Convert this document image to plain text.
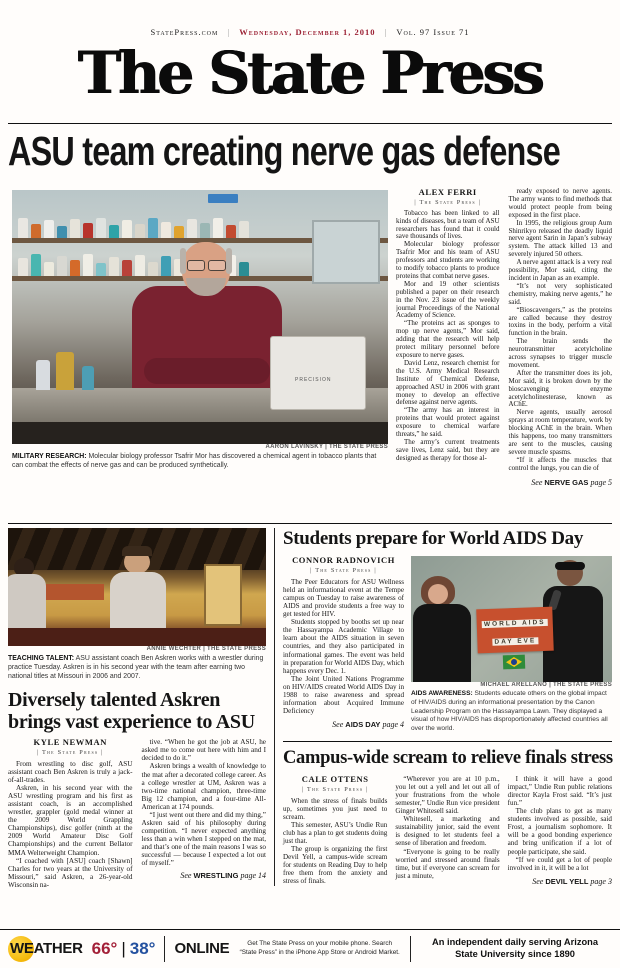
StatePress.com | Wednesday, December 1, 2010 | Vol. 97 Issue 71
The State Press
ASU team creating nerve gas defense
PRECISION
AARON LAVINSKY | THE STATE PRESS
MILITARY RESEARCH: Molecular biology professor Tsafrir Mor has discovered a chemical agent in tobacco plants that can combat the effects of nerve gas and can be produced synthetically.
ALEX FERRI
| The State Press |

Tobacco has been linked to all kinds of diseases, but a team of ASU researchers has found that it could save thousands of lives.

Molecular biology professor Tsafrir Mor and his team of ASU professors and students are working to modify tobacco plants to produce proteins that combat nerve gases.

Mor and 19 other scientists published a paper on their research in the Nov. 23 issue of the weekly journal Proceedings of the National Academy of Science.

“The proteins act as sponges to mop up nerve agents,” Mor said, adding that the research will help protect military personnel before exposure to nerve gases.

David Lenz, research chemist for the U.S. Army Medical Research Institute of Chemical Defense, approached ASU in 2006 with grant money to develop an effective defense against nerve agents.

“The army has an interest in proteins that would protect against exposure to chemical warfare threats,” he said.

The army’s current treatments save lives, Lenz said, but they are designed as therapy for those al-

ready exposed to nerve agents. The army wants to find methods that would protect people from being exposed in the first place.

In 1995, the religious group Aum Shinrikyo released the deadly liquid nerve agent Sarin in Japan’s subway system. The attack killed 13 and severely injured 50 others.

A nerve agent attack is a very real possibility, Mor said, citing the incident in Japan as an example.

“It’s not very sophisticated chemistry, making nerve agents,” he said.

“Bioscavengers,” as the proteins are called because they destroy toxins in the body, perform a vital function in the brain.

The brain sends the neurotransmitter acetylcholine across synapses to trigger muscle movement.

After the transmitter does its job, Mor said, it is broken down by the bioscavenging enzyme acetylcholinesterase, known as AChE.

Nerve agents, usually aerosol sprays at room temperature, work by blocking AChE in the brain. When this happens, too many transmitters are sent to the muscles, causing severe muscle spasms.

“If it affects the muscles that control the lungs, you can die of

See NERVE GAS page 5
ANNIE WECHTER | THE STATE PRESS
TEACHING TALENT: ASU assistant coach Ben Askren works with a wrestler during practice Tuesday. Askren is in his second year with the team after earning two national titles at Missouri in 2006 and 2007.
Diversely talented Askren brings vast experience to ASU
KYLE NEWMAN
| The State Press |

From wrestling to disc golf, ASU assistant coach Ben Askren is truly a jack-of-all-trades.

Askren, in his second year with the ASU wrestling program and his first as assistant coach, is an accomplished wrestler, grappler (gold medal winner at the 2009 World Grappling Championships), disc golfer (ninth at the 2009 World Amateur Disc Golf Championships) and the current Bellator MMA Welterweight Champion.

“I coached with [ASU] coach [Shawn] Charles for two years at the University of Missouri,” said Askren, a 26-year-old Wisconsin na-

tive. “When he got the job at ASU, he asked me to come out here with him and I decided to do it.”

Askren brings a wealth of knowledge to the mat after a decorated college career. As a college wrestler at UM, Askren was a two-time national champion, three-time Big 12 champion, and a four-time All-American at 174 pounds.

“I just went out there and did my thing,” Askren said of his philosophy during competition. “I never expected anything less than a win when I stepped on the mat, and that’s one of the main reasons I was so successful — because I expected a lot out of myself.”

See WRESTLING page 14
Students prepare for World AIDS Day
CONNOR RADNOVICH
| The State Press |

The Peer Educators for ASU Wellness held an informational event at the Tempe campus on Tuesday to raise awareness of AIDS and provide students a free way to get tested for HIV.

Students stopped by booths set up near the Hassayampa Academic Village to learn about the AIDS situation in seven countries, and they also participated in informational games. The event was held in preparation for World AIDS Day, which happens every Dec. 1.

The Joint United Nations Programme on HIV/AIDS created World AIDS Day in 1988 to raise awareness and spread information about Acquired Immune Deficiency

See AIDS DAY page 4

WORLD AIDS

DAY EVE

MICHAEL ARELLANO | THE STATE PRESS
AIDS AWARENESS: Students educate others on the global impact of HIV/AIDS during an informational presentation by the Canon Leadership Program on the Hassayampa Lawn. They displayed a visual of how HIV/AIDS has disproportionately affected countries all over the world.
Campus-wide scream to relieve finals stress
CALE OTTENS
| The State Press |

When the stress of finals builds up, sometimes you just need to scream.

This semester, ASU’s Undie Run club has a plan to get students doing just that.

The group is organizing the first Devil Yell, a campus-wide scream for students on Reading Day to help free them from the anxiety and stress of finals.

“Wherever you are at 10 p.m., you let out a yell and let out all of your frustrations from the whole semester,” Undie Run vice president Ginger Whitesell said.

Whitesell, a marketing and sustainability junior, said the event is designed to let students feel a sense of liberation and freedom.

“Everyone is going to be really worried and stressed around finals time, but if everyone can scream for just a minute,

I think it will have a good impact,” Undie Run public relations director Kayla Frost said. “It’s just fun.”

The club plans to get as many students involved as possible, said Frost, a journalism sophomore. It will be a good bonding experience and bring unification if a lot of people participate, she said.

“If we could get a lot of people involved in it, it will be a lot

See DEVIL YELL page 3
WEATHER 66° | 38° ONLINE	Get The State Press on your mobile phone. Search “State Press” in the iPhone App Store or Android Market.
An independent daily serving Arizona State University since 1890
